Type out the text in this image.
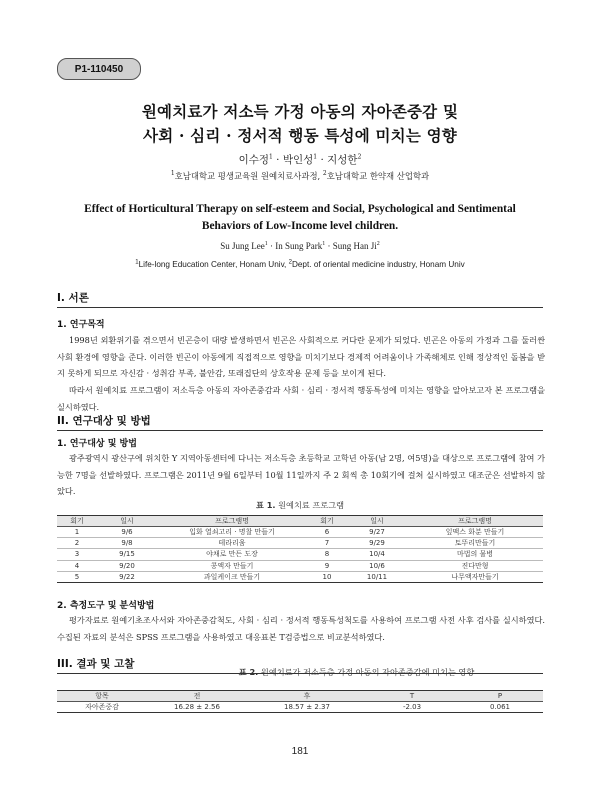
P1-110450
원예치료가 저소득 가정 아동의 자아존중감 및
사회 · 심리 · 정서적 행동 특성에 미치는 영향
이수정$^1$ · 박인성$^1$ · 지성한$^2$
$^1$호남대학교 평생교육원 원예치료사과정, $^2$호남대학교 한약재 산업학과
Effect of Horticultural Therapy on self-esteem and Social, Psychological and Sentimental
Behaviors of Low-Income level children.
Su Jung Lee$^1$ · In Sung Park$^1$ · Sung Han Ji$^2$
$^1$Life-long Education Center, Honam Univ, $^2$Dept. of oriental medicine industry, Honam Univ
I. 서론
1. 연구목적

1998년 외환위기를 겪으면서 빈곤층이 대량 발생하면서 빈곤은 사회적으로 커다란 문제가 되었다. 빈곤은 아동의 가정과 그를 둘러싼 사회 환경에 영향을 준다. 이러한 빈곤이 아동에게 직접적으로 영향을 미치기보다 경제적 어려움이나 가족해체로 인해 정상적인 돌봄을 받지 못하게 되므로 자신감 · 성취감 부족, 불안감, 또래집단의 상호작용 문제 등을 보이게 된다.

따라서 원예치료 프로그램이 저소득층 아동의 자아존중감과 사회 · 심리 · 정서적 행동특성에 미치는 영향을 알아보고자 본 프로그램을 실시하였다.

II. 연구대상 및 방법
1. 연구대상 및 방법

광주광역시 광산구에 위치한 Y 지역아동센터에 다니는 저소득층 초등학교 고학년 아동(남 2명, 여5명)을 대상으로 프로그램에 참여 가능한 7명을 선발하였다. 프로그램은 2011년 9월 6일부터 10월 11일까지 주 2 회씩 총 10회기에 걸쳐 실시하였고 대조군은 선발하지 않았다.

표 1. 원예치료 프로그램
회기	일시	프로그램명	회기	일시	프로그램명
1	9/6	입화 열쇠고리 · 명찰 만들기	6	9/27	잎맥스 화분 만들기
2	9/8	테라리움	7	9/29	토뚜리만들기
3	9/15	야채로 만든 도장	8	10/4	마법의 물병
4	9/20	콩액자 만들기	9	10/6	진다만형
5	9/22	과일케이크 만들기	10	10/11	나무액자만들기
2. 측정도구 및 분석방법

평가자료로 원예기초조사서와 자아존중감척도, 사회 · 심리 · 정서적 행동특성척도를 사용하여 프로그램 사전 사후 검사를 실시하였다. 수집된 자료의 분석은 SPSS 프로그램을 사용하였고 대응표본 T검증법으로 비교분석하였다.

III. 결과 및 고찰
표 2. 원예치료가 저소득층 가정 아동의 자아존중감에 미치는 영향
항목	전	후	T	P
자아존중감	16.28 ± 2.56	18.57 ± 2.37	-2.03	0.061
181
